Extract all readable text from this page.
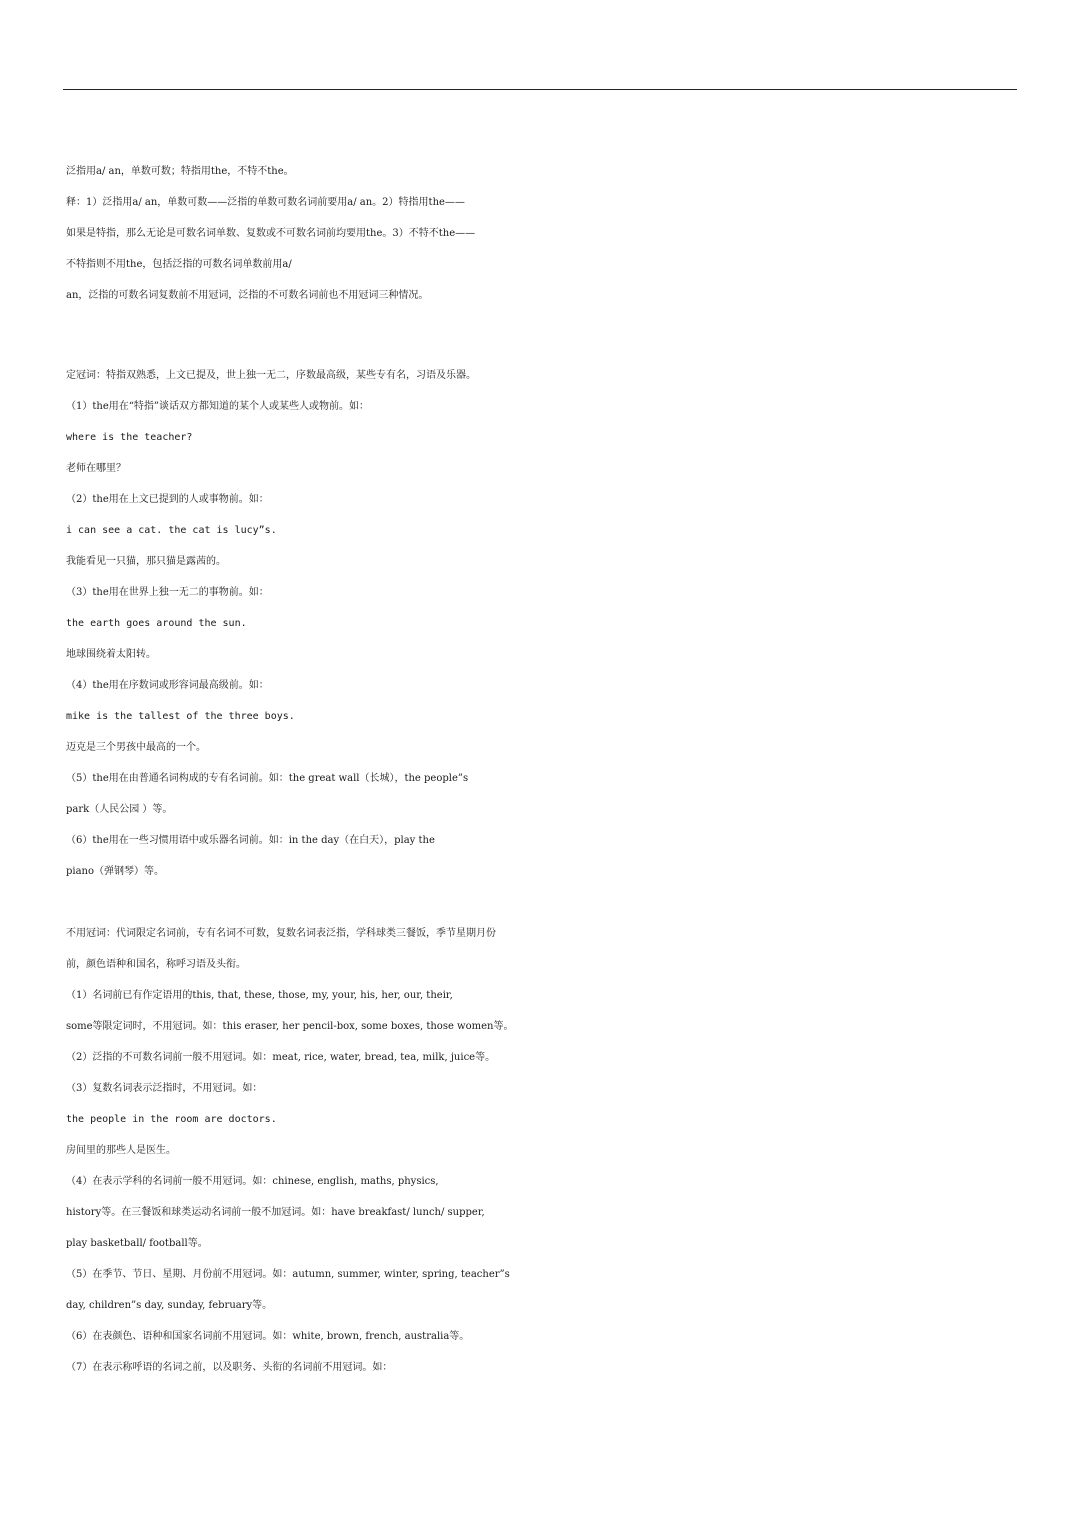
泛指用a/ an，单数可数；特指用the，不特不the。
释：1）泛指用a/ an，单数可数——泛指的单数可数名词前要用a/ an。2）特指用the——
如果是特指，那么无论是可数名词单数、复数或不可数名词前均要用the。3）不特不the——
不特指则不用the，包括泛指的可数名词单数前用a/
an，泛指的可数名词复数前不用冠词，泛指的不可数名词前也不用冠词三种情况。
定冠词：特指双熟悉，上文已提及，世上独一无二，序数最高级，某些专有名，习语及乐器。
（1）the用在“特指”谈话双方都知道的某个人或某些人或物前。如：
where is the teacher?
老师在哪里？
（2）the用在上文已提到的人或事物前。如：
i can see a cat. the cat is lucy”s.
我能看见一只猫，那只猫是露茜的。
（3）the用在世界上独一无二的事物前。如：
the earth goes around the sun.
地球围绕着太阳转。
（4）the用在序数词或形容词最高级前。如：
mike is the tallest of the three boys.
迈克是三个男孩中最高的一个。
（5）the用在由普通名词构成的专有名词前。如：the great wall（长城），the people”s
park（人民公园 ）等。
（6）the用在一些习惯用语中或乐器名词前。如：in the day（在白天），play the
piano（弹钢琴）等。
不用冠词：代词限定名词前，专有名词不可数，复数名词表泛指，学科球类三餐饭，季节星期月份
前，颜色语种和国名，称呼习语及头衔。
（1）名词前已有作定语用的this, that, these, those, my, your, his, her, our, their,
some等限定词时，不用冠词。如：this eraser, her pencil-box, some boxes, those women等。
（2）泛指的不可数名词前一般不用冠词。如：meat, rice, water, bread, tea, milk, juice等。
（3）复数名词表示泛指时，不用冠词。如：
the people in the room are doctors.
房间里的那些人是医生。
（4）在表示学科的名词前一般不用冠词。如：chinese, english, maths, physics,
history等。在三餐饭和球类运动名词前一般不加冠词。如：have breakfast/ lunch/ supper,
play basketball/ football等。
（5）在季节、节日、星期、月份前不用冠词。如：autumn, summer, winter, spring, teacher”s
day, children”s day, sunday, february等。
（6）在表颜色、语种和国家名词前不用冠词。如：white, brown, french, australia等。
（7）在表示称呼语的名词之前，以及职务、头衔的名词前不用冠词。如：
